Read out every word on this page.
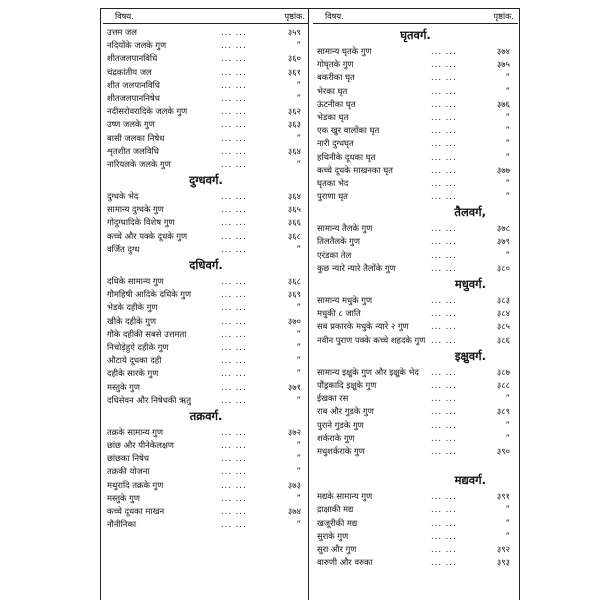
विषय.	पृष्ठांक.
उत्तम जल	... ...	३५९
नदियोंके जलके गुण	... ...	”
शीतजलपानविधि	... ...	३६०
चंद्रकांतीय जल	... ...	३६१
शीत जलपानविधि	... ...	”
शीतजलपाननिषेध	... ...	”
नदीसरोवरादिके जलके गुण	... ...	३६२
उष्ण जलके गुण	... ...	३६३
बासी जलका निषेध	... ...	”
शृतशीत जलविधि	... ...	३६४
नारियलके जलके गुण	... ...	”
दुग्धवर्ग.
दुग्धके भेद	... ...	३६४
सामान्य दुग्धके गुण	... ...	३६५
गोदुग्धादिके विशेष गुण	... ...	३६६
कच्चे और पक्के दूधके गुण	... ...	३६८
वर्जित दुग्ध	... ...	”
दधिवर्ग.
दधिके सामान्य गुण	... ...	३६८
गौमहिषी आदिके दधिके गुण	... ...	३६९
भेडके दहीके गुण	... ...	”
खीके दहीके गुण	... ...	३७०
गौके दहीकी सबसे उत्तमता	... ...	”
निचोड़ेहुऐ दहीके गुण	... ...	”
औटाये दूधका दही	... ...	”
दहीके सारके गुण	... ...	”
मस्तुके गुण	... ...	३७१
दधिसेवन और निषेधकी ऋतु	... ...	”
तक्रवर्ग.
तक्रके सामान्य गुण	... ...	३७२
छांछ और पीनेकेलक्षण	... ...	”
छांछका निषेध	... ...	”
तक्रकी योजना	... ...	”
मथुरादि तक्रके गुण	... ...	३७३
मस्तुके गुण	... ...	”
कच्चे दूधका माखन	... ...	३७४
नौनीनिका	... ...	”
विषय.	पृष्ठांक.
घृतवर्ग.
सामान्य घृतके गुण	... ...	३७४
गोघृतके गुण	... ...	३७५
बकरीका घृत	... ...	”
भेरका घृत	... ...	”
ऊंटनीका घृत	... ...	३७६
भेडका घृत	... ...	”
एक खुर वालोंका घृत	... ...	”
नारी दुग्धघृत	... ...	”
हथिनीके दूधका घृत	... ...	”
कच्चे दूधके माखनका घृत	... ...	३७७
घृतका भेद	... ...	”
पुराणा घृत	... ...	”
तैलवर्ग,
सामान्य तैलके गुण	... ...	३७८
तिलतैलके गुण	... ...	३७९
एरंडका तेल	... ...	”
कुछ न्यारे न्यारे तैलोंके गुण	... ...	३८०
मधुवर्ग.
सामान्य मधुके गुण	... ...	३८३
मधुकी ८ जाति	... ...	३८४
सब प्रकारके मधुके न्यारे २ गुण	... ...	३८५
नवीन पुराण पक्के कच्चे शहदके गुण ... ...	३८६
इक्षुवर्ग.
सामान्य इक्षुके गुण और इक्षुके भेद ... ...	३८७
पौंड्रकादि इक्षुके गुण	... ...	३८८
ईखका रस	... ...	”
राब और गुडके गुण	... ...	३८९
पुराने गुडके गुण	... ...	”
शर्कराके गुण	... ...	”
मधुशर्कराके गुण	... ...	३९०
मद्यवर्ग.
मद्यके सामान्य गुण	... ...	३९१
द्राक्षाकी मद्य	... ...	”
खजूरीकी मद्य	... ...	”
सुराके गुण	... ...	”
सुरा और गुण	... ...	३९२
वारुणी और वरुका	... ...	३९३
